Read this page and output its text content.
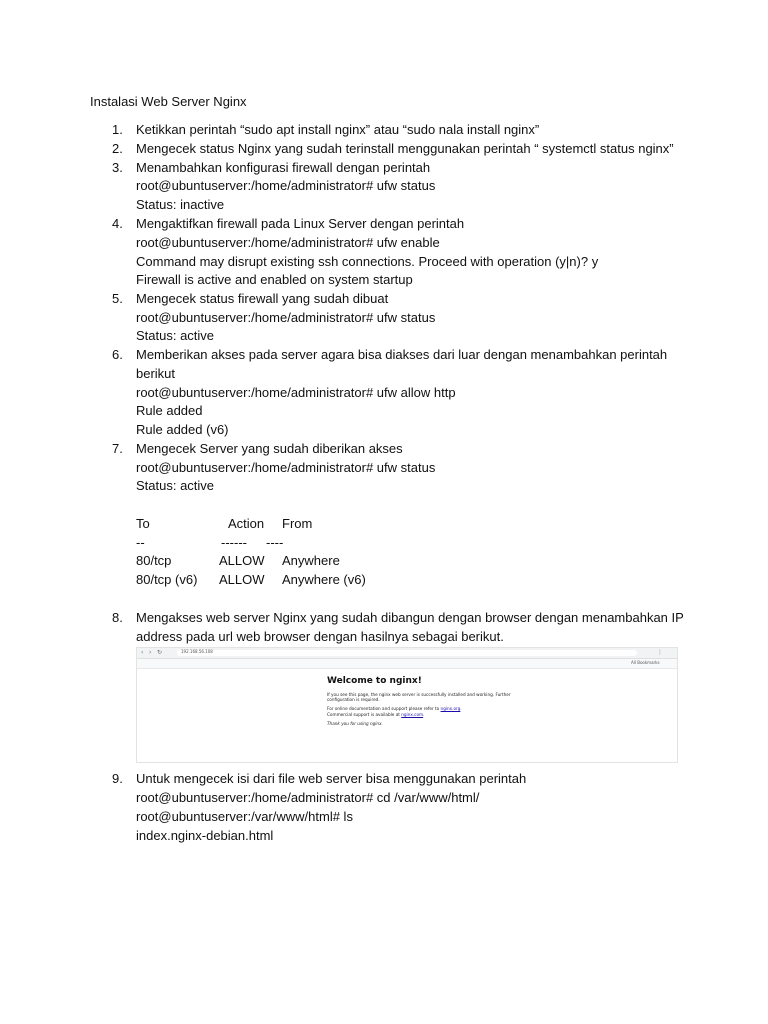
Instalasi Web Server Nginx
1. Ketikkan perintah “sudo apt install nginx” atau “sudo nala install nginx”
2. Mengecek status Nginx yang sudah terinstall menggunakan perintah “ systemctl status nginx”
3. Menambahkan konfigurasi firewall dengan perintah
root@ubuntuserver:/home/administrator# ufw status
Status: inactive
4. Mengaktifkan firewall pada Linux Server dengan perintah
root@ubuntuserver:/home/administrator# ufw enable
Command may disrupt existing ssh connections. Proceed with operation (y|n)? y
Firewall is active and enabled on system startup
5. Mengecek status firewall yang sudah dibuat
root@ubuntuserver:/home/administrator# ufw status
Status: active
6. Memberikan akses pada server agara bisa diakses dari luar dengan menambahkan perintah
berikut
root@ubuntuserver:/home/administrator# ufw allow http
Rule added
Rule added (v6)
7. Mengecek Server yang sudah diberikan akses
root@ubuntuserver:/home/administrator# ufw status
Status: active
To	Action From
--	------ ----
80/tcp	ALLOW Anywhere
80/tcp (v6) ALLOW Anywhere (v6)
8. Mengakses web server Nginx yang sudah dibangun dengan browser dengan menambahkan IP
address pada url web browser dengan hasilnya sebagai berikut.
‹ › ↻	192.168.56.108	⋮
All Bookmarks
Welcome to nginx!

If you see this page, the nginx web server is successfully installed and working. Further configuration is required.

For online documentation and support please refer to nginx.org.
Commercial support is available at nginx.com.

Thank you for using nginx.

9. Untuk mengecek isi dari file web server bisa menggunakan perintah
root@ubuntuserver:/home/administrator# cd /var/www/html/
root@ubuntuserver:/var/www/html# ls
index.nginx-debian.html
